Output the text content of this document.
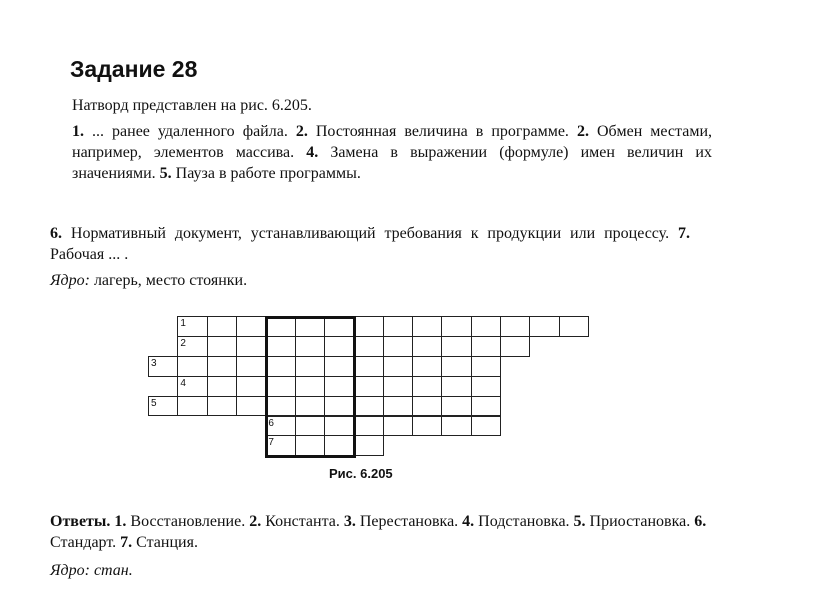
Задание 28

Натворд представлен на рис. 6.205.

1. ... ранее удаленного файла. 2. Постоянная величина в программе. 2. Обмен местами, например, элементов массива. 4. Замена в выражении (формуле) имен величин их значениями. 5. Пауза в работе программы.

6. Нормативный документ, устанавливающий требования к продукции или процессу. 7. Рабочая ... .

Ядро: лагерь, место стоянки.

1
2
3
4
5
6
7
Рис. 6.205

Ответы. 1. Восстановление. 2. Константа. 3. Перестановка. 4. Подстановка. 5. Приостановка. 6. Стандарт. 7. Станция.

Ядро: стан.
